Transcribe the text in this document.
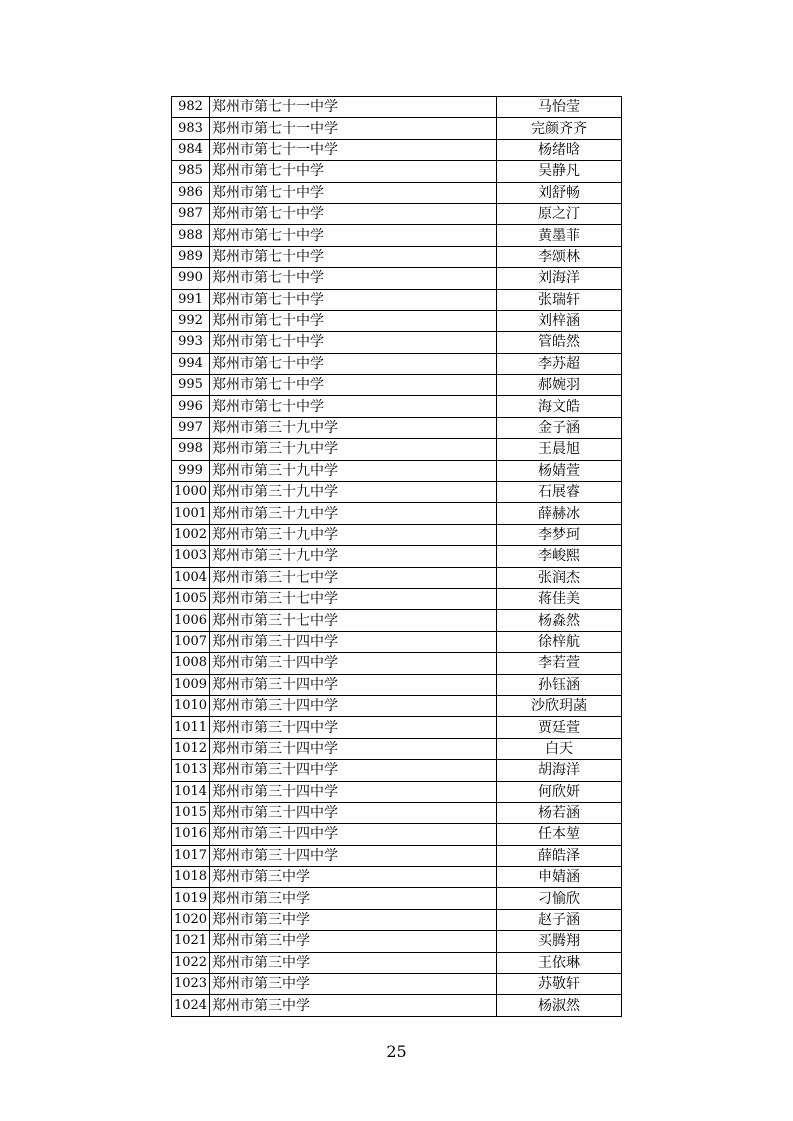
982	郑州市第七十一中学	马怡莹
983	郑州市第七十一中学	完颜齐齐
984	郑州市第七十一中学	杨绪晗
985	郑州市第七十中学	吴静凡
986	郑州市第七十中学	刘舒畅
987	郑州市第七十中学	原之汀
988	郑州市第七十中学	黄墨菲
989	郑州市第七十中学	李颂林
990	郑州市第七十中学	刘海洋
991	郑州市第七十中学	张瑞轩
992	郑州市第七十中学	刘梓涵
993	郑州市第七十中学	管皓然
994	郑州市第七十中学	李苏超
995	郑州市第七十中学	郝婉羽
996	郑州市第七十中学	海文皓
997	郑州市第三十九中学	金子涵
998	郑州市第三十九中学	王晨旭
999	郑州市第三十九中学	杨婧萱
1000	郑州市第三十九中学	石展睿
1001	郑州市第三十九中学	薛赫冰
1002	郑州市第三十九中学	李梦珂
1003	郑州市第三十九中学	李峻熙
1004	郑州市第三十七中学	张润杰
1005	郑州市第三十七中学	蒋佳美
1006	郑州市第三十七中学	杨淼然
1007	郑州市第三十四中学	徐梓航
1008	郑州市第三十四中学	李若萱
1009	郑州市第三十四中学	孙钰涵
1010	郑州市第三十四中学	沙欣玥菡
1011	郑州市第三十四中学	贾廷萱
1012	郑州市第三十四中学	白天
1013	郑州市第三十四中学	胡海洋
1014	郑州市第三十四中学	何欣妍
1015	郑州市第三十四中学	杨若涵
1016	郑州市第三十四中学	任本堃
1017	郑州市第三十四中学	薛皓泽
1018	郑州市第三中学	申婧涵
1019	郑州市第三中学	刁愉欣
1020	郑州市第三中学	赵子涵
1021	郑州市第三中学	买腾翔
1022	郑州市第三中学	王依琳
1023	郑州市第三中学	苏敬轩
1024	郑州市第三中学	杨淑然
25
